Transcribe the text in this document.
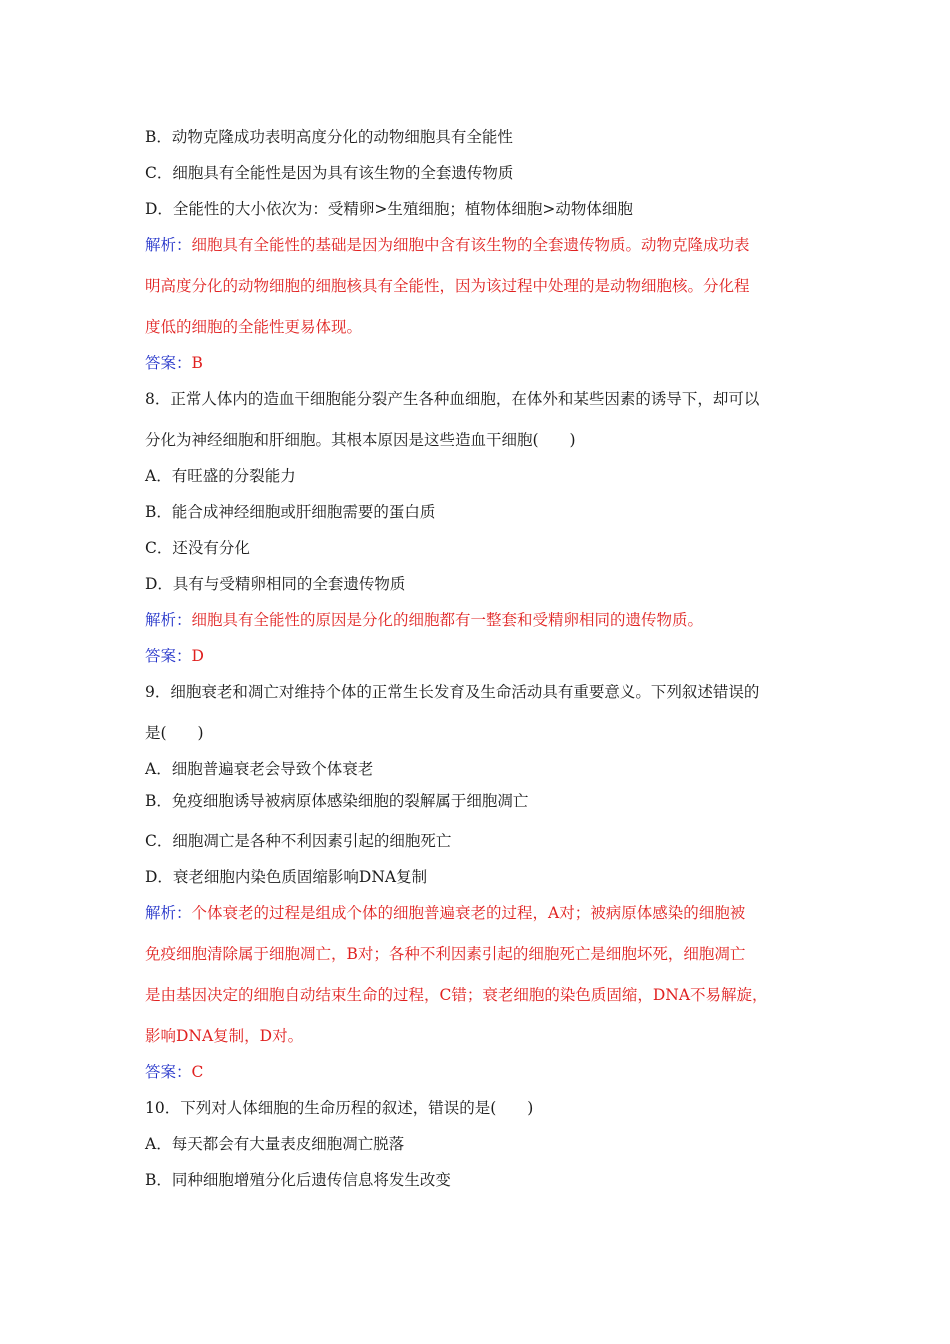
B．动物克隆成功表明高度分化的动物细胞具有全能性
C．细胞具有全能性是因为具有该生物的全套遗传物质
D．全能性的大小依次为：受精卵>生殖细胞；植物体细胞>动物体细胞
解析：细胞具有全能性的基础是因为细胞中含有该生物的全套遗传物质。动物克隆成功表
明高度分化的动物细胞的细胞核具有全能性，因为该过程中处理的是动物细胞核。分化程
度低的细胞的全能性更易体现。
答案：B
8．正常人体内的造血干细胞能分裂产生各种血细胞，在体外和某些因素的诱导下，却可以
分化为神经细胞和肝细胞。其根本原因是这些造血干细胞(　　)
A．有旺盛的分裂能力
B．能合成神经细胞或肝细胞需要的蛋白质
C．还没有分化
D．具有与受精卵相同的全套遗传物质
解析：细胞具有全能性的原因是分化的细胞都有一整套和受精卵相同的遗传物质。
答案：D
9．细胞衰老和凋亡对维持个体的正常生长发育及生命活动具有重要意义。下列叙述错误的
是(　　)
A．细胞普遍衰老会导致个体衰老
B．免疫细胞诱导被病原体感染细胞的裂解属于细胞凋亡
C．细胞凋亡是各种不利因素引起的细胞死亡
D．衰老细胞内染色质固缩影响DNA复制
解析：个体衰老的过程是组成个体的细胞普遍衰老的过程，A对；被病原体感染的细胞被
免疫细胞清除属于细胞凋亡，B对；各种不利因素引起的细胞死亡是细胞坏死，细胞凋亡
是由基因决定的细胞自动结束生命的过程，C错；衰老细胞的染色质固缩，DNA不易解旋，
影响DNA复制，D对。
答案：C
10．下列对人体细胞的生命历程的叙述，错误的是(　　)
A．每天都会有大量表皮细胞凋亡脱落
B．同种细胞增殖分化后遗传信息将发生改变
